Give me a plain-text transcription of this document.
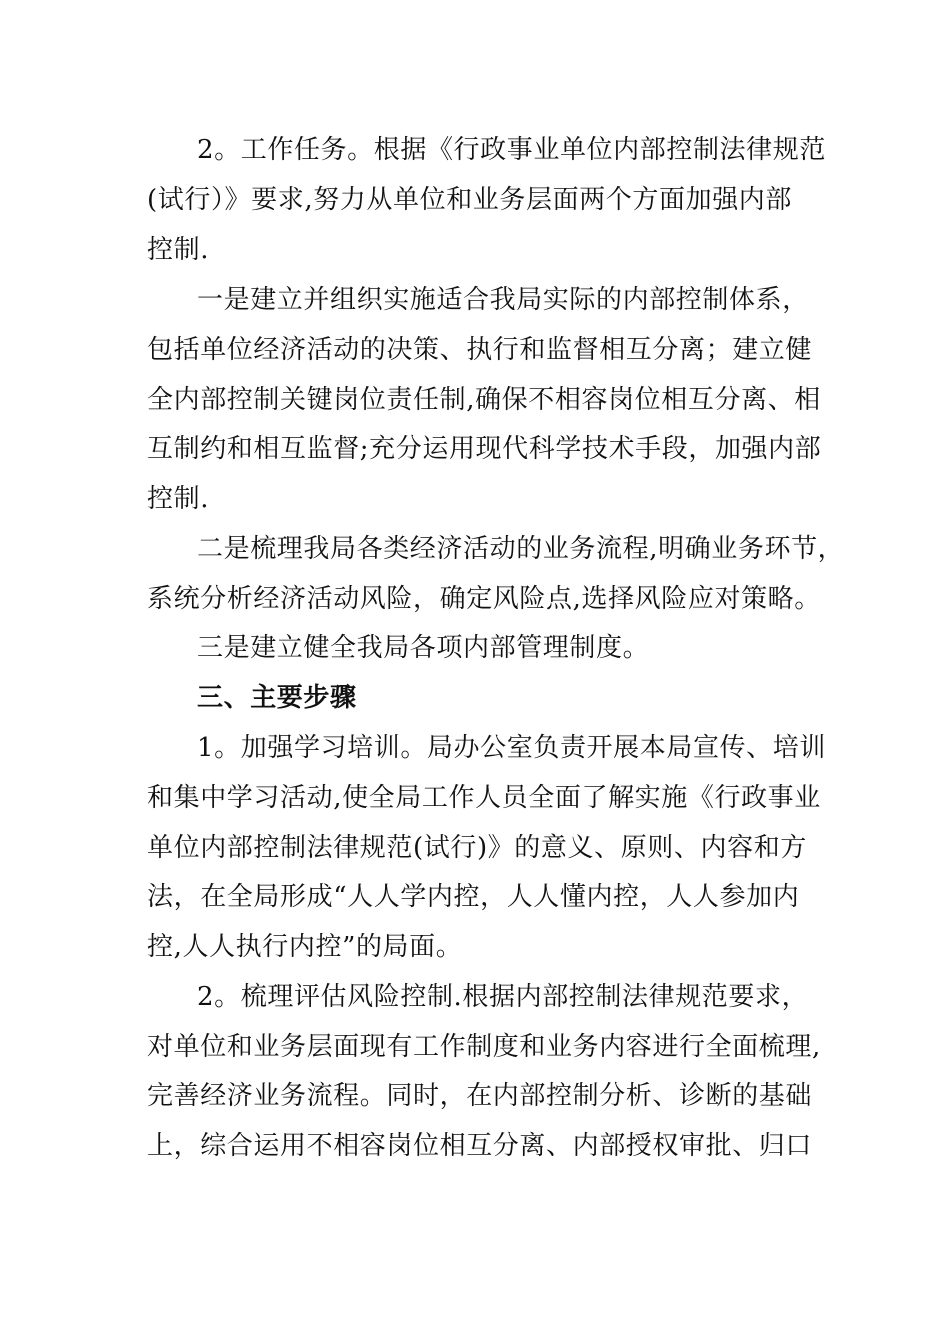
2。工作任务。根据《行政事业单位内部控制法律规范
(试行）》要求,努力从单位和业务层面两个方面加强内部
控制.
一是建立并组织实施适合我局实际的内部控制体系，
包括单位经济活动的决策、执行和监督相互分离；建立健
全内部控制关键岗位责任制,确保不相容岗位相互分离、相
互制约和相互监督;充分运用现代科学技术手段，加强内部
控制.
二是梳理我局各类经济活动的业务流程,明确业务环节，
系统分析经济活动风险，确定风险点,选择风险应对策略。
三是建立健全我局各项内部管理制度。
三、主要步骤
1。加强学习培训。局办公室负责开展本局宣传、培训
和集中学习活动,使全局工作人员全面了解实施《行政事业
单位内部控制法律规范(试行)》的意义、原则、内容和方
法，在全局形成“人人学内控，人人懂内控，人人参加内
控,人人执行内控”的局面。
2。梳理评估风险控制.根据内部控制法律规范要求，
对单位和业务层面现有工作制度和业务内容进行全面梳理,
完善经济业务流程。同时，在内部控制分析、诊断的基础
上，综合运用不相容岗位相互分离、内部授权审批、归口
